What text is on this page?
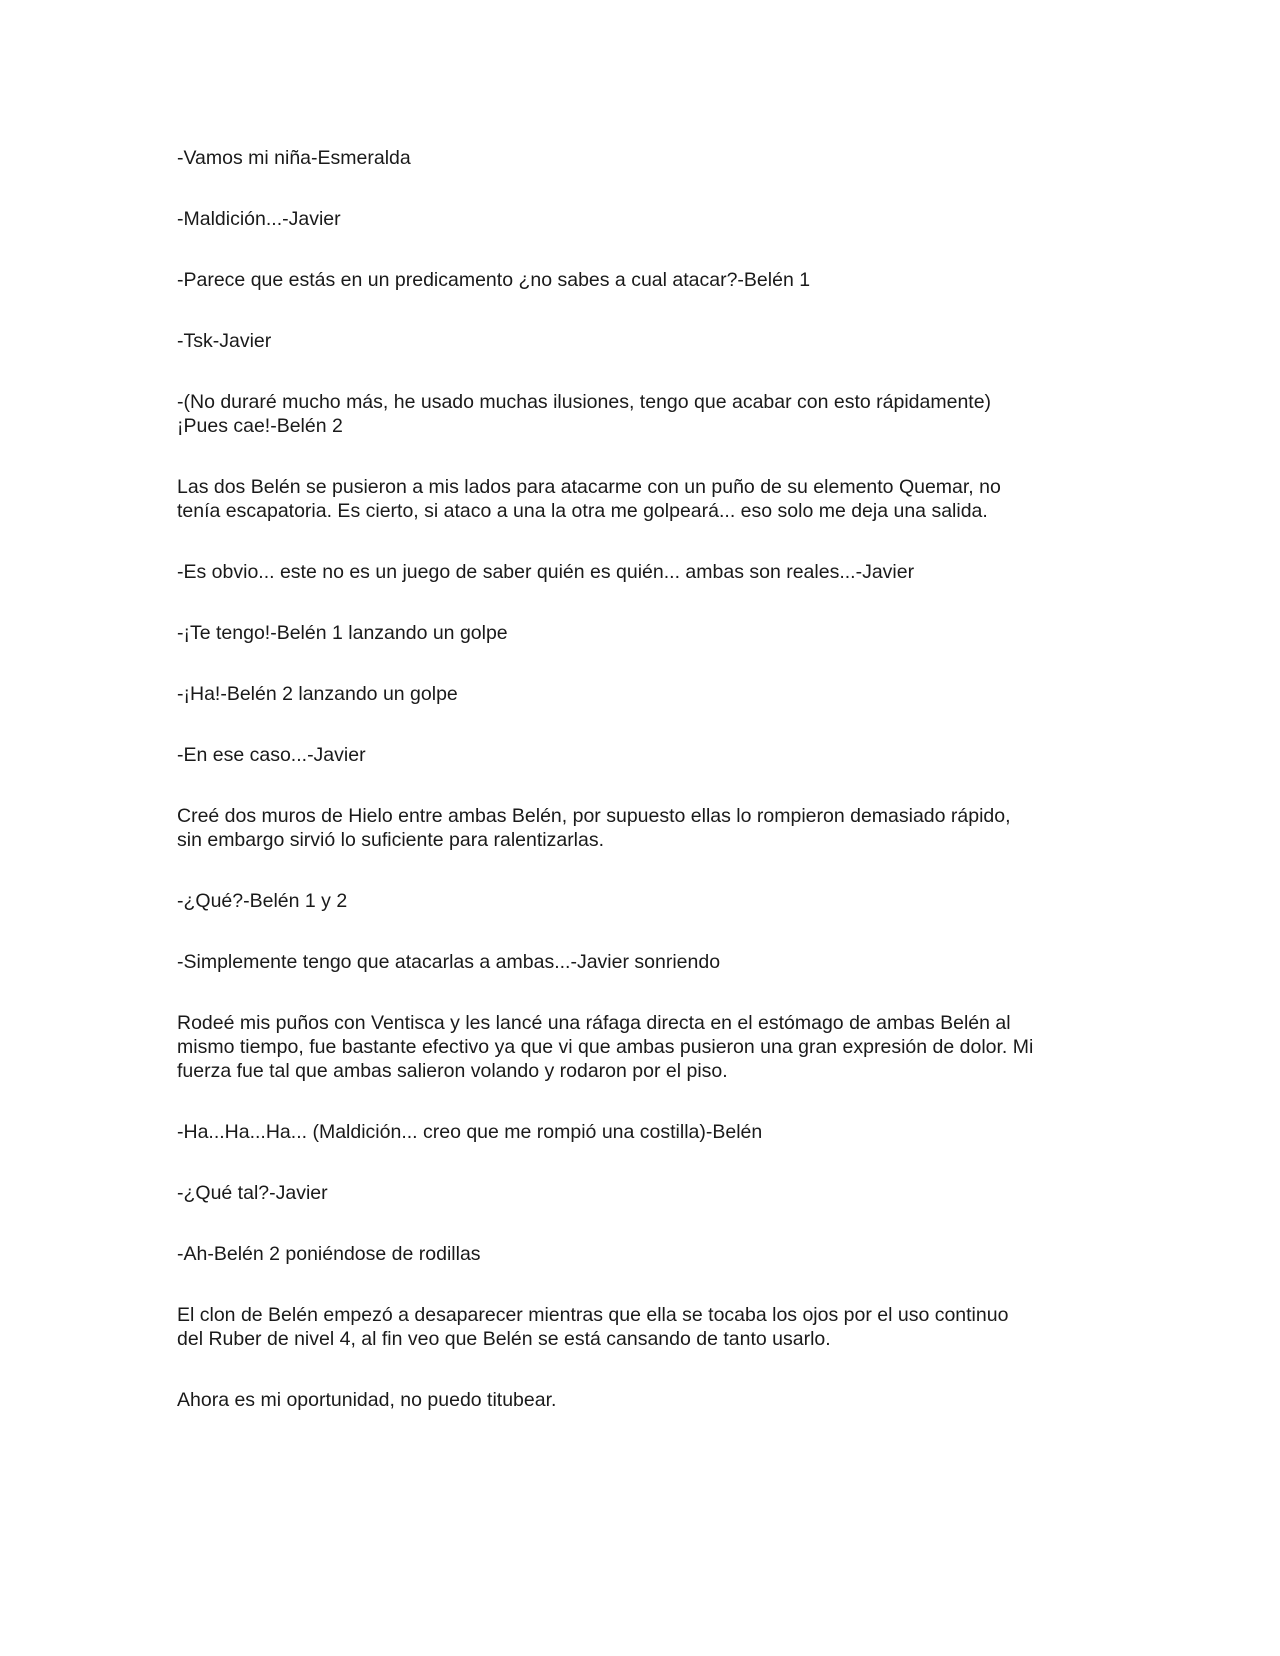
-Vamos mi niña-Esmeralda

-Maldición...-Javier

-Parece que estás en un predicamento ¿no sabes a cual atacar?-Belén 1

-Tsk-Javier

-(No duraré mucho más, he usado muchas ilusiones, tengo que acabar con esto rápidamente)
¡Pues cae!-Belén 2

Las dos Belén se pusieron a mis lados para atacarme con un puño de su elemento Quemar, no
tenía escapatoria. Es cierto, si ataco a una la otra me golpeará... eso solo me deja una salida.

-Es obvio... este no es un juego de saber quién es quién... ambas son reales...-Javier

-¡Te tengo!-Belén 1 lanzando un golpe

-¡Ha!-Belén 2 lanzando un golpe

-En ese caso...-Javier

Creé dos muros de Hielo entre ambas Belén, por supuesto ellas lo rompieron demasiado rápido,
sin embargo sirvió lo suficiente para ralentizarlas.

-¿Qué?-Belén 1 y 2

-Simplemente tengo que atacarlas a ambas...-Javier sonriendo

Rodeé mis puños con Ventisca y les lancé una ráfaga directa en el estómago de ambas Belén al
mismo tiempo, fue bastante efectivo ya que vi que ambas pusieron una gran expresión de dolor. Mi
fuerza fue tal que ambas salieron volando y rodaron por el piso.

-Ha...Ha...Ha... (Maldición... creo que me rompió una costilla)-Belén

-¿Qué tal?-Javier

-Ah-Belén 2 poniéndose de rodillas

El clon de Belén empezó a desaparecer mientras que ella se tocaba los ojos por el uso continuo
del Ruber de nivel 4, al fin veo que Belén se está cansando de tanto usarlo.

Ahora es mi oportunidad, no puedo titubear.
